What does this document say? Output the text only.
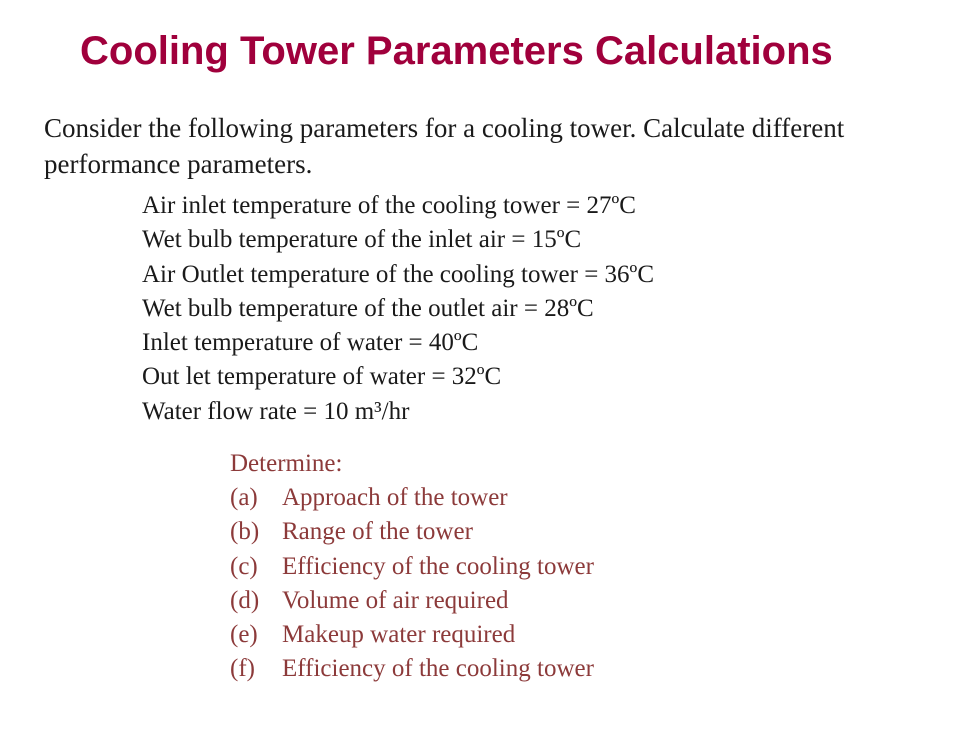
Cooling Tower Parameters Calculations

Consider the following parameters for a cooling tower. Calculate different performance parameters.

Air inlet temperature of the cooling tower = 27ºC
Wet bulb temperature of the inlet air = 15ºC
Air Outlet temperature of the cooling tower = 36ºC
Wet bulb temperature of the outlet air = 28ºC
Inlet temperature of water = 40ºC
Out let temperature of water = 32ºC
Water flow rate = 10 m³/hr

Determine:

(a) Approach of the tower
(b) Range of the tower
(c) Efficiency of the cooling tower
(d) Volume of air required
(e) Makeup water required
(f)	Efficiency of the cooling tower
